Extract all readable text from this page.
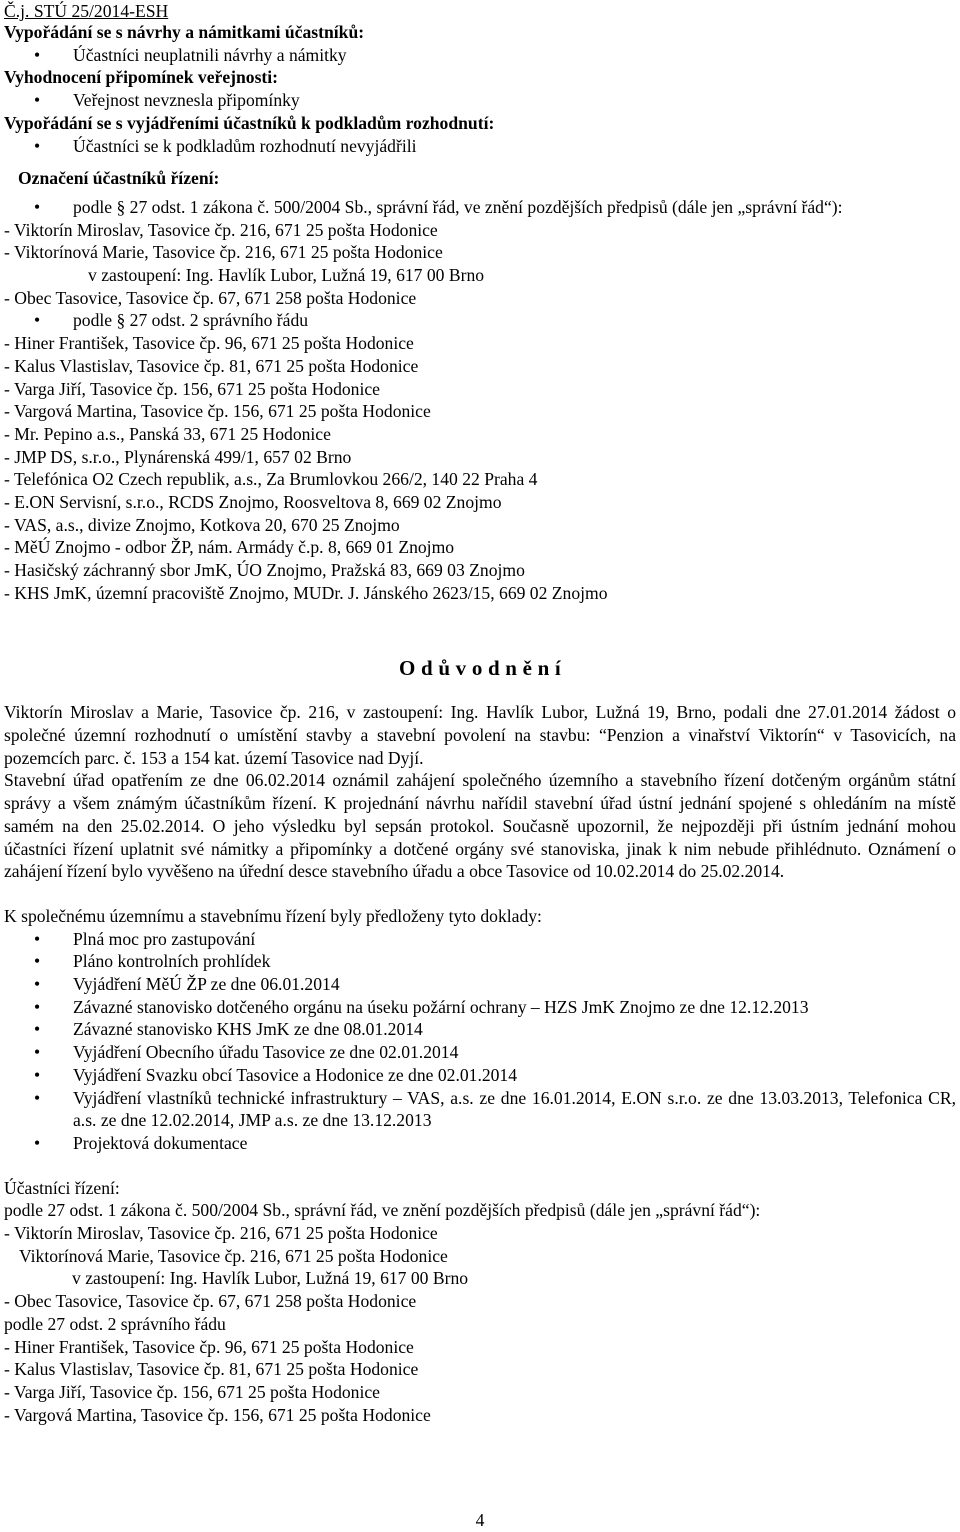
Č.j. STÚ 25/2014-ESH
Vypořádání se s návrhy a námitkami účastníků:
• Účastníci neuplatnili návrhy a námitky
Vyhodnocení připomínek veřejnosti:
• Veřejnost nevznesla připomínky
Vypořádání se s vyjádřeními účastníků k podkladům rozhodnutí:
• Účastníci se k podkladům rozhodnutí nevyjádřili
Označení účastníků řízení:
• podle § 27 odst. 1 zákona č. 500/2004 Sb., správní řád, ve znění pozdějších předpisů (dále jen „správní řád“):
- Viktorín Miroslav, Tasovice čp. 216, 671 25 pošta Hodonice
- Viktorínová Marie, Tasovice čp. 216, 671 25 pošta Hodonice
v zastoupení: Ing. Havlík Lubor, Lužná 19, 617 00 Brno
- Obec Tasovice, Tasovice čp. 67, 671 258 pošta Hodonice
• podle § 27 odst. 2 správního řádu
- Hiner František, Tasovice čp. 96, 671 25 pošta Hodonice
- Kalus Vlastislav, Tasovice čp. 81, 671 25 pošta Hodonice
- Varga Jiří, Tasovice čp. 156, 671 25 pošta Hodonice
- Vargová Martina, Tasovice čp. 156, 671 25 pošta Hodonice
- Mr. Pepino a.s., Panská 33, 671 25 Hodonice
- JMP DS, s.r.o., Plynárenská 499/1, 657 02 Brno
- Telefónica O2 Czech republik, a.s., Za Brumlovkou 266/2, 140 22 Praha 4
- E.ON Servisní, s.r.o., RCDS Znojmo, Roosveltova 8, 669 02 Znojmo
- VAS, a.s., divize Znojmo, Kotkova 20, 670 25 Znojmo
- MěÚ Znojmo - odbor ŽP, nám. Armády č.p. 8, 669 01 Znojmo
- Hasičský záchranný sbor JmK, ÚO Znojmo, Pražská 83, 669 03 Znojmo
- KHS JmK, územní pracoviště Znojmo, MUDr. J. Jánského 2623/15, 669 02 Znojmo
O d ů v o d n ě n í
Viktorín Miroslav a Marie, Tasovice čp. 216, v zastoupení: Ing. Havlík Lubor, Lužná 19, Brno, podali dne 27.01.2014 žádost o společné územní rozhodnutí o umístění stavby a stavební povolení na stavbu: “Penzion a vinařství Viktorín“ v Tasovicích, na pozemcích parc. č. 153 a 154 kat. území Tasovice nad Dyjí.
Stavební úřad opatřením ze dne 06.02.2014 oznámil zahájení společného územního a stavebního řízení dotčeným orgánům státní správy a všem známým účastníkům řízení. K projednání návrhu nařídil stavební úřad ústní jednání spojené s ohledáním na místě samém na den 25.02.2014. O jeho výsledku byl sepsán protokol. Současně upozornil, že nejpozději při ústním jednání mohou účastníci řízení uplatnit své námitky a připomínky a dotčené orgány své stanoviska, jinak k nim nebude přihlédnuto. Oznámení o zahájení řízení bylo vyvěšeno na úřední desce stavebního úřadu a obce Tasovice od 10.02.2014 do 25.02.2014.
K společnému územnímu a stavebnímu řízení byly předloženy tyto doklady:
• Plná moc pro zastupování
• Pláno kontrolních prohlídek
• Vyjádření MěÚ ŽP ze dne 06.01.2014
• Závazné stanovisko dotčeného orgánu na úseku požární ochrany – HZS JmK Znojmo ze dne 12.12.2013
• Závazné stanovisko KHS JmK ze dne 08.01.2014
• Vyjádření Obecního úřadu Tasovice ze dne 02.01.2014
• Vyjádření Svazku obcí Tasovice a Hodonice ze dne 02.01.2014
• Vyjádření vlastníků technické infrastruktury – VAS, a.s. ze dne 16.01.2014, E.ON s.r.o. ze dne 13.03.2013, Telefonica CR, a.s. ze dne 12.02.2014, JMP a.s. ze dne 13.12.2013
• Projektová dokumentace
Účastníci řízení:
podle 27 odst. 1 zákona č. 500/2004 Sb., správní řád, ve znění pozdějších předpisů (dále jen „správní řád“):
- Viktorín Miroslav, Tasovice čp. 216, 671 25 pošta Hodonice
Viktorínová Marie, Tasovice čp. 216, 671 25 pošta Hodonice
v zastoupení: Ing. Havlík Lubor, Lužná 19, 617 00 Brno
- Obec Tasovice, Tasovice čp. 67, 671 258 pošta Hodonice
podle 27 odst. 2 správního řádu
- Hiner František, Tasovice čp. 96, 671 25 pošta Hodonice
- Kalus Vlastislav, Tasovice čp. 81, 671 25 pošta Hodonice
- Varga Jiří, Tasovice čp. 156, 671 25 pošta Hodonice
- Vargová Martina, Tasovice čp. 156, 671 25 pošta Hodonice
4
